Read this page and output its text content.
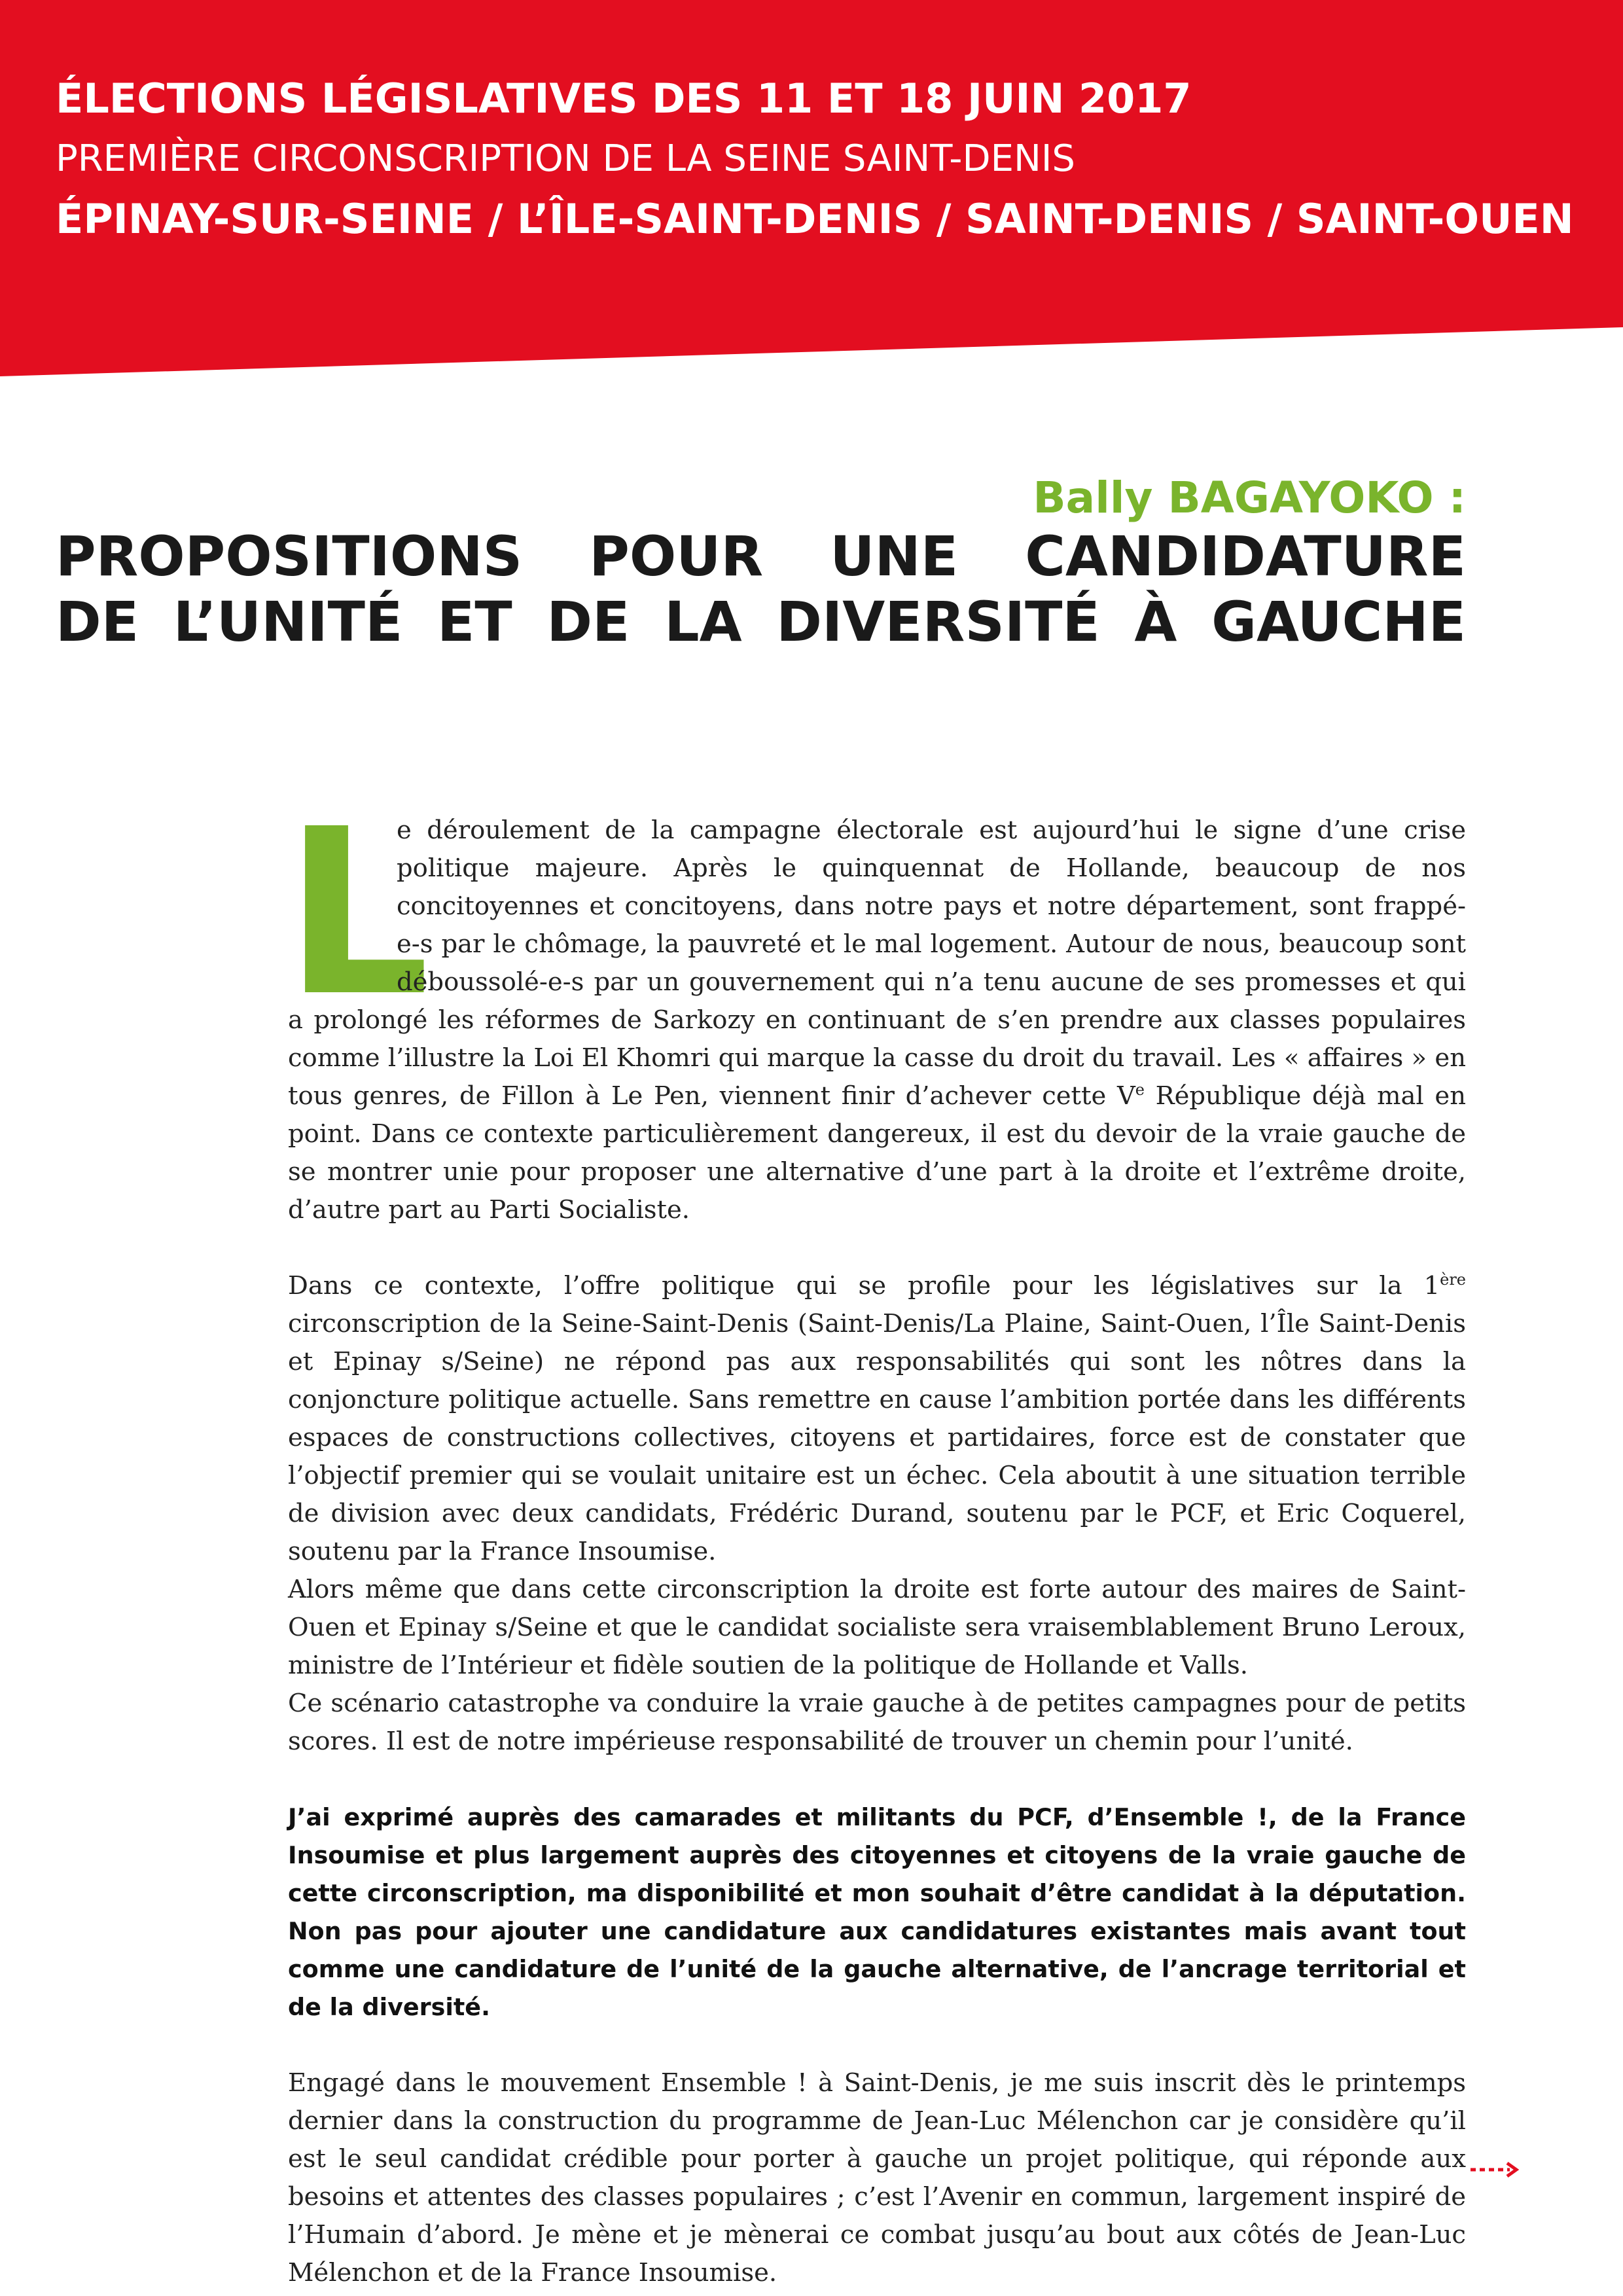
ÉLECTIONS LÉGISLATIVES DES 11 ET 18 JUIN 2017
PREMIÈRE CIRCONSCRIPTION DE LA SEINE SAINT-DENIS
ÉPINAY-SUR-SEINE / L’ÎLE-SAINT-DENIS / SAINT-DENIS / SAINT-OUEN
Bally BAGAYOKO :
PROPOSITIONS POUR UNE CANDIDATURE
DE L’UNITÉ ET DE LA DIVERSITÉ À GAUCHE

L
e déroulement de la campagne électorale est aujourd’hui le signe d’une crise politique majeure. Après le quinquennat de Hollande, beaucoup de nos concitoyennes et concitoyens, dans notre pays et notre département, sont frappé-e-s par le chômage, la pauvreté et le mal logement. Autour de nous, beaucoup sont déboussolé-e-s par un gouvernement qui n’a tenu aucune de ses promesses et qui a prolongé les réformes de Sarkozy en continuant de s’en prendre aux classes populaires comme l’illustre la Loi El Khomri qui marque la casse du droit du travail. Les « affaires » en tous genres, de Fillon à Le Pen, viennent finir d’achever cette Ve République déjà mal en point. Dans ce contexte particulièrement dangereux, il est du devoir de la vraie gauche de se montrer unie pour proposer une alternative d’une part à la droite et l’extrême droite, d’autre part au Parti Socialiste.

Dans ce contexte, l’offre politique qui se profile pour les législatives sur la 1ère circonscription de la Seine-Saint-Denis (Saint-Denis/La Plaine, Saint-Ouen, l’Île Saint-Denis et Epinay s/Seine) ne répond pas aux responsabilités qui sont les nôtres dans la conjoncture politique actuelle. Sans remettre en cause l’ambition portée dans les différents espaces de constructions collectives, citoyens et partidaires, force est de constater que l’objectif premier qui se voulait unitaire est un échec. Cela aboutit à une situation terrible de division avec deux candidats, Frédéric Durand, soutenu par le PCF, et Eric Coquerel, soutenu par la France Insoumise.

Alors même que dans cette circonscription la droite est forte autour des maires de Saint-Ouen et Epinay s/Seine et que le candidat socialiste sera vraisemblablement Bruno Leroux, ministre de l’Intérieur et fidèle soutien de la politique de Hollande et Valls.

Ce scénario catastrophe va conduire la vraie gauche à de petites campagnes pour de petits scores. Il est de notre impérieuse responsabilité de trouver un chemin pour l’unité.

J’ai exprimé auprès des camarades et militants du PCF, d’Ensemble !, de la France Insoumise et plus largement auprès des citoyennes et citoyens de la vraie gauche de cette circonscription, ma disponibilité et mon souhait d’être candidat à la députation. Non pas pour ajouter une candidature aux candidatures existantes mais avant tout comme une candidature de l’unité de la gauche alternative, de l’ancrage territorial et de la diversité.

Engagé dans le mouvement Ensemble ! à Saint-Denis, je me suis inscrit dès le printemps dernier dans la construction du programme de Jean-Luc Mélenchon car je considère qu’il est le seul candidat crédible pour porter à gauche un projet politique, qui réponde aux besoins et attentes des classes populaires ; c’est l’Avenir en commun, largement inspiré de l’Humain d’abord. Je mène et je mènerai ce combat jusqu’au bout aux côtés de Jean-Luc Mélenchon et de la France Insoumise.
